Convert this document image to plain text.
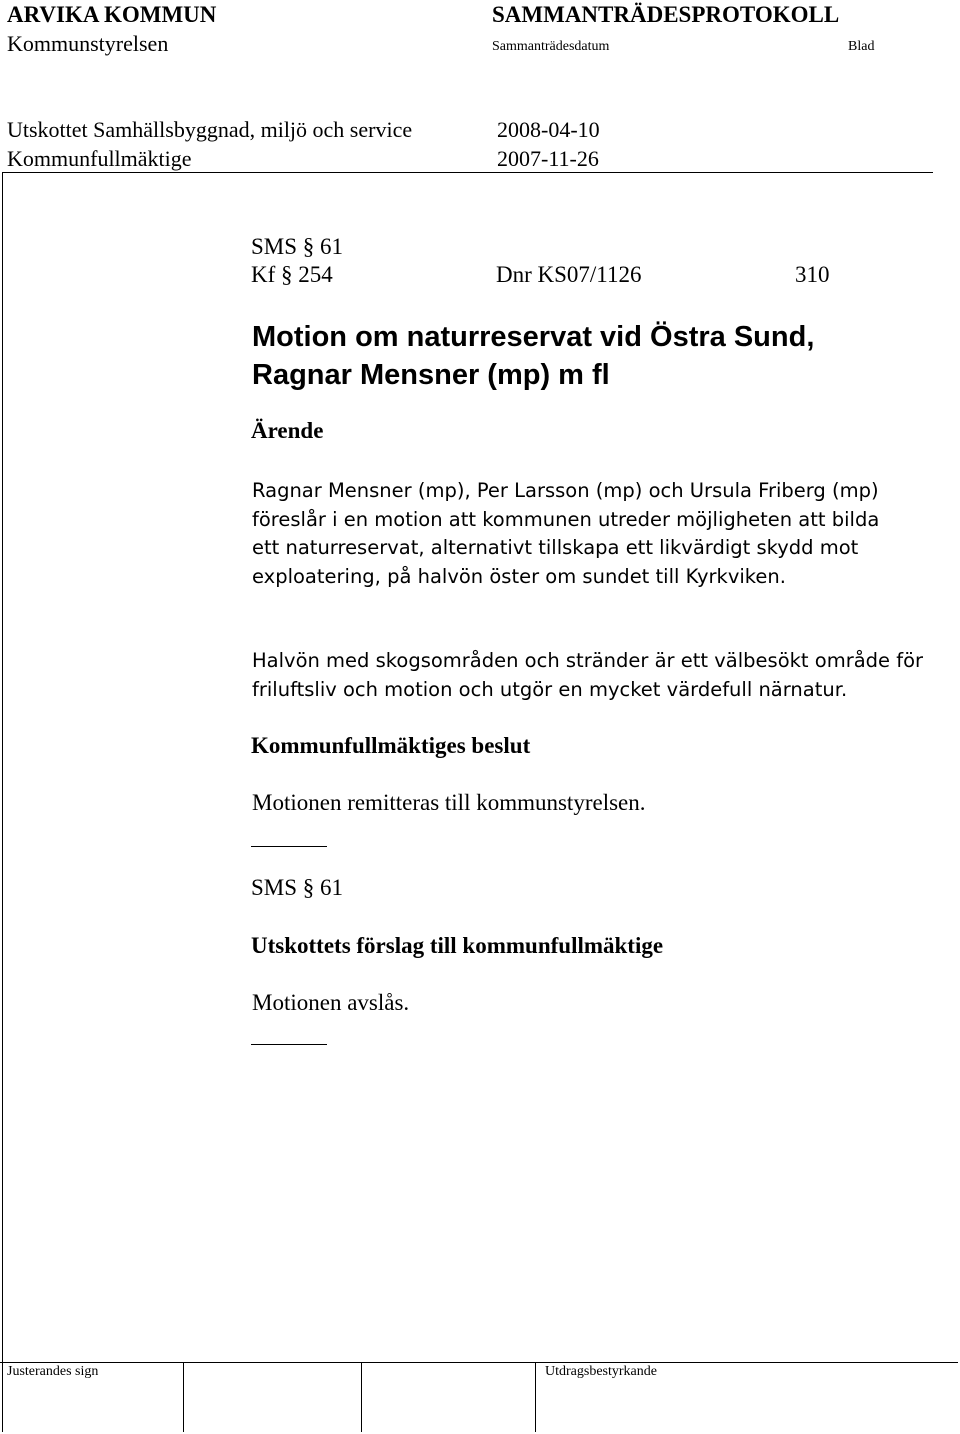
ARVIKA KOMMUN	SAMMANTRÄDESPROTOKOLL
Kommunstyrelsen	Sammanträdesdatum	Blad
Utskottet Samhällsbyggnad, miljö och service	2008-04-10
Kommunfullmäktige	2007-11-26
SMS § 61
Kf § 254	Dnr KS07/1126	310
Motion om naturreservat vid Östra Sund,
Ragnar Mensner (mp) m fl
Ärende
Ragnar Mensner (mp), Per Larsson (mp) och Ursula Friberg (mp) föreslår i en motion att kommunen utreder möjligheten att bilda ett naturreservat, alternativt tillskapa ett likvärdigt skydd mot exploatering, på halvön öster om sundet till Kyrkviken.
Halvön med skogsområden och stränder är ett välbesökt område för friluftsliv och motion och utgör en mycket värdefull närnatur.
Kommunfullmäktiges beslut
Motionen remitteras till kommunstyrelsen.
SMS § 61
Utskottets förslag till kommunfullmäktige
Motionen avslås.
Justerandes sign	Utdragsbestyrkande
